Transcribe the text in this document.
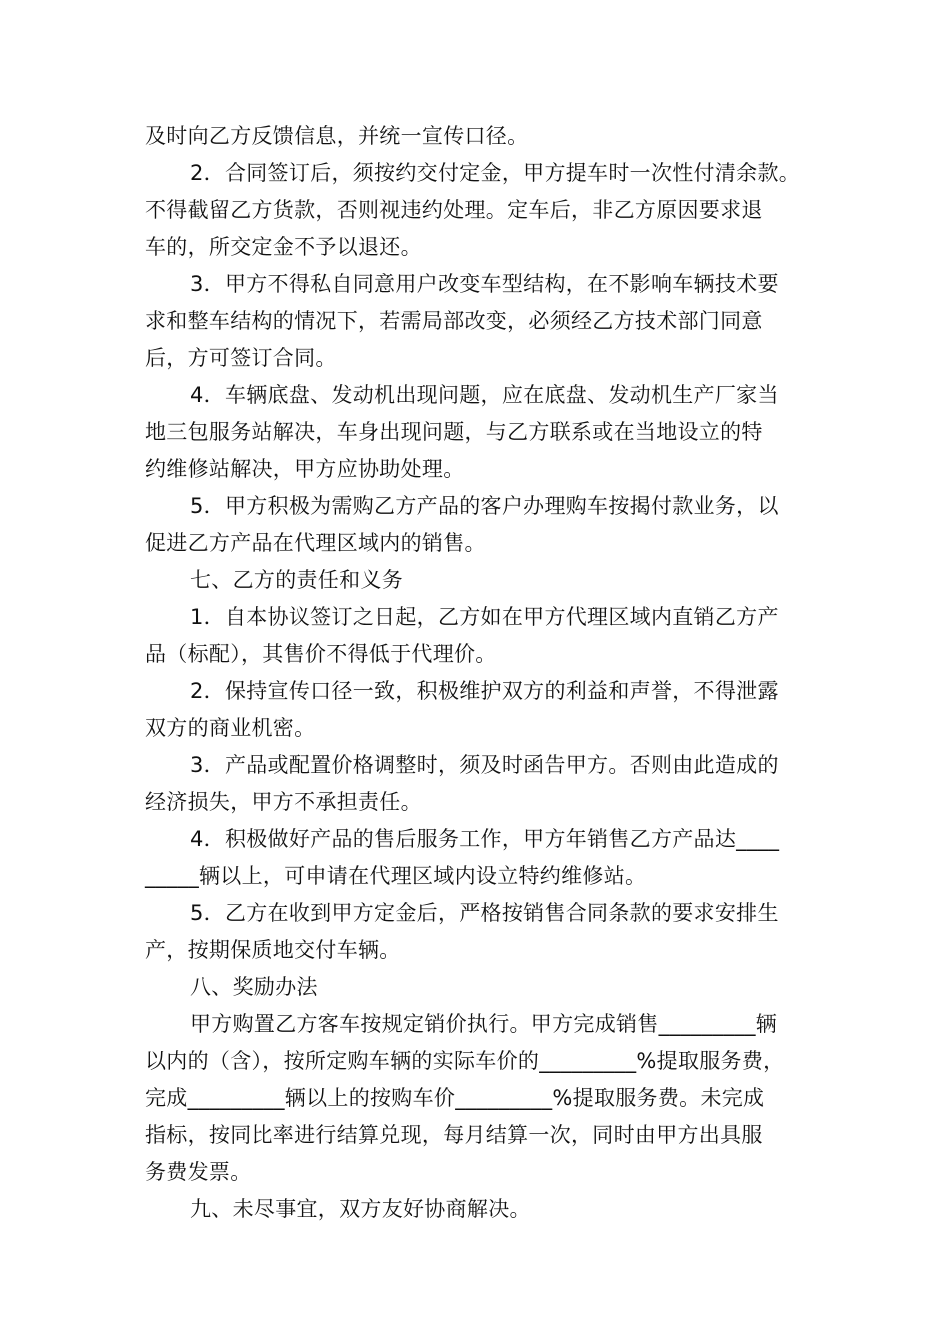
及时向乙方反馈信息，并统一宣传口径。
2．合同签订后，须按约交付定金，甲方提车时一次性付清余款。
不得截留乙方货款，否则视违约处理。定车后，非乙方原因要求退
车的，所交定金不予以退还。
3．甲方不得私自同意用户改变车型结构，在不影响车辆技术要
求和整车结构的情况下，若需局部改变，必须经乙方技术部门同意
后，方可签订合同。
4．车辆底盘、发动机出现问题，应在底盘、发动机生产厂家当
地三包服务站解决，车身出现问题，与乙方联系或在当地设立的特
约维修站解决，甲方应协助处理。
5．甲方积极为需购乙方产品的客户办理购车按揭付款业务，以
促进乙方产品在代理区域内的销售。
七、乙方的责任和义务
1．自本协议签订之日起，乙方如在甲方代理区域内直销乙方产
品（标配），其售价不得低于代理价。
2．保持宣传口径一致，积极维护双方的利益和声誉，不得泄露
双方的商业机密。
3．产品或配置价格调整时，须及时函告甲方。否则由此造成的
经济损失，甲方不承担责任。
4．积极做好产品的售后服务工作，甲方年销售乙方产品达____
_____辆以上，可申请在代理区域内设立特约维修站。
5．乙方在收到甲方定金后，严格按销售合同条款的要求安排生
产，按期保质地交付车辆。
八、奖励办法
甲方购置乙方客车按规定销价执行。甲方完成销售_________辆
以内的（含），按所定购车辆的实际车价的_________%提取服务费，
完成_________辆以上的按购车价_________%提取服务费。未完成
指标，按同比率进行结算兑现，每月结算一次，同时由甲方出具服
务费发票。
九、未尽事宜，双方友好协商解决。
